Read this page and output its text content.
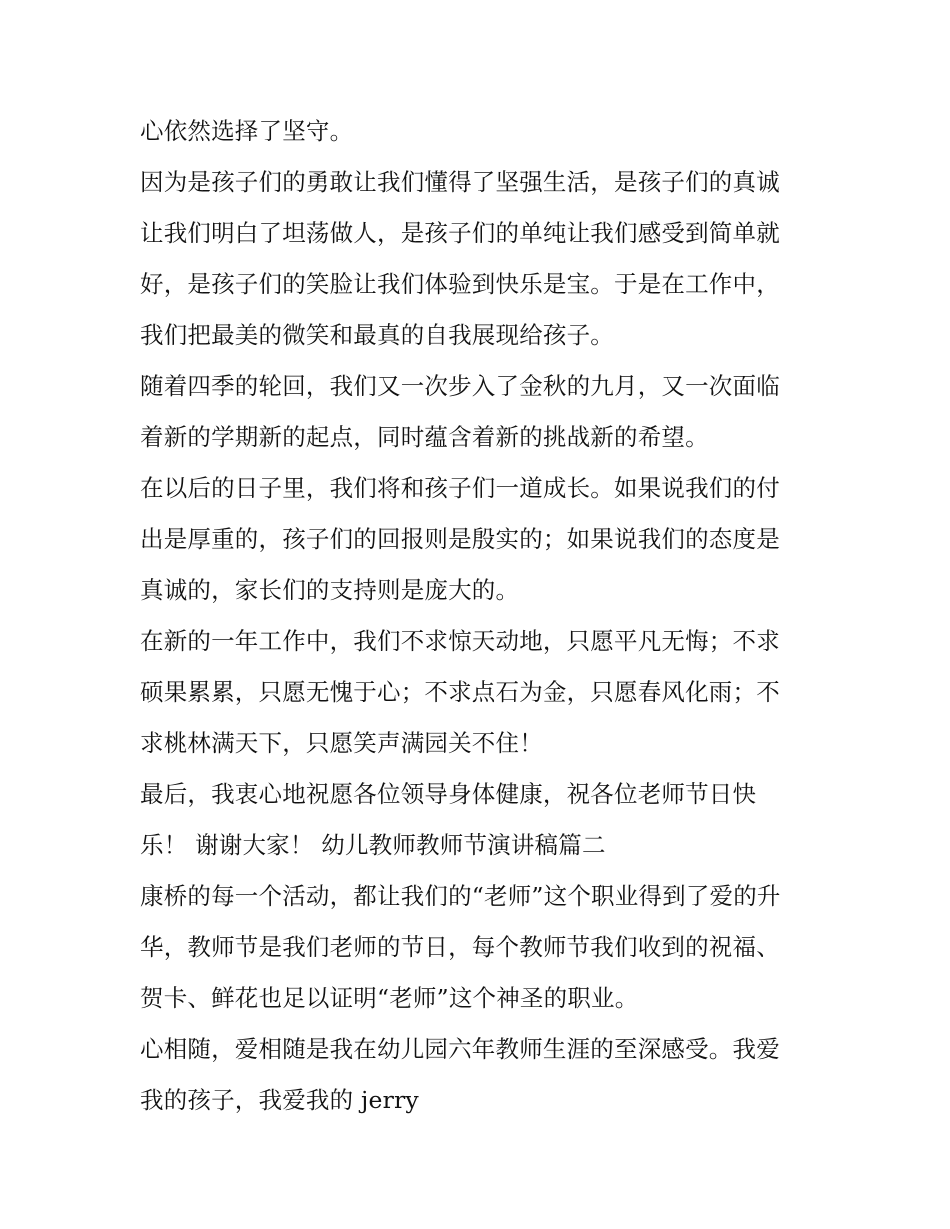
心依然选择了坚守。
因为是孩子们的勇敢让我们懂得了坚强生活，是孩子们的真诚
让我们明白了坦荡做人，是孩子们的单纯让我们感受到简单就
好，是孩子们的笑脸让我们体验到快乐是宝。于是在工作中，
我们把最美的微笑和最真的自我展现给孩子。
随着四季的轮回，我们又一次步入了金秋的九月，又一次面临
着新的学期新的起点，同时蕴含着新的挑战新的希望。
在以后的日子里，我们将和孩子们一道成长。如果说我们的付
出是厚重的，孩子们的回报则是殷实的；如果说我们的态度是
真诚的，家长们的支持则是庞大的。
在新的一年工作中，我们不求惊天动地，只愿平凡无悔；不求
硕果累累，只愿无愧于心；不求点石为金，只愿春风化雨；不
求桃林满天下，只愿笑声满园关不住！
最后，我衷心地祝愿各位领导身体健康，祝各位老师节日快
乐！ 谢谢大家！ 幼儿教师教师节演讲稿篇二
康桥的每一个活动，都让我们的“老师”这个职业得到了爱的升
华，教师节是我们老师的节日，每个教师节我们收到的祝福、
贺卡、鲜花也足以证明“老师”这个神圣的职业。
心相随，爱相随是我在幼儿园六年教师生涯的至深感受。我爱
我的孩子，我爱我的 jerry
